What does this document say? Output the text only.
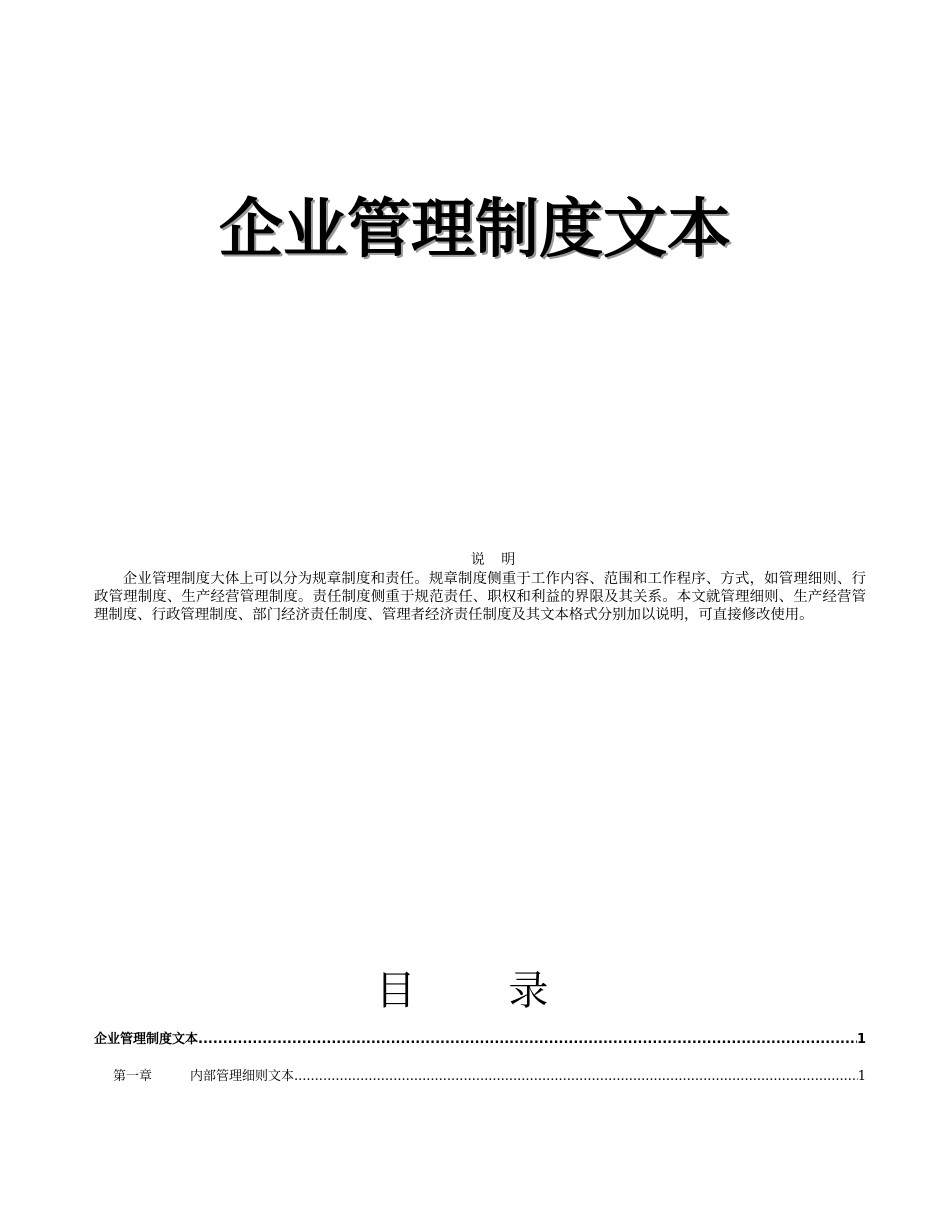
企业管理制度文本
说 明
企业管理制度大体上可以分为规章制度和责任。规章制度侧重于工作内容、范围和工作程序、方式，如管理细则、行政管理制度、生产经营管理制度。责任制度侧重于规范责任、职权和利益的界限及其关系。本文就管理细则、生产经营管理制度、行政管理制度、部门经济责任制度、管理者经济责任制度及其文本格式分别加以说明，可直接修改使用。
目 录
企业管理制度文本 .....	1
第一章	内部管理细则文本 .....	1
